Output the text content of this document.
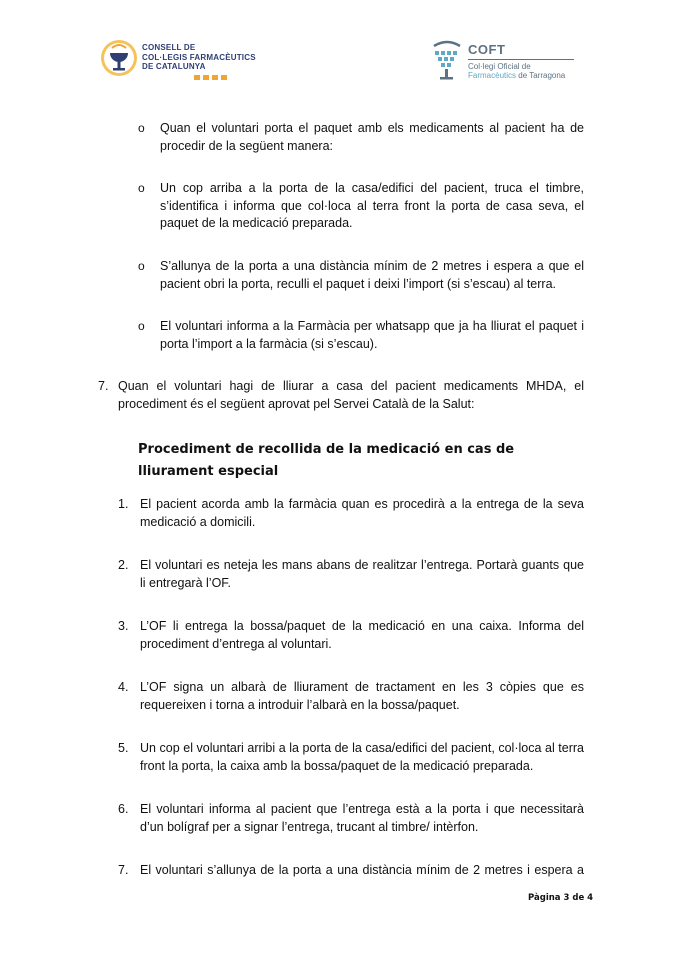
CONSELL DE
COL·LEGIS FARMACÈUTICS
DE CATALUNYA
COFT
Col·legi Oficial de
Farmacèutics de Tarragona
o Quan el voluntari porta el paquet amb els medicaments al pacient ha de procedir de la següent manera:
o Un cop arriba a la porta de la casa/edifici del pacient, truca el timbre, s’identifica i informa que col·loca al terra front la porta de casa seva, el paquet de la medicació preparada.
o S’allunya de la porta a una distància mínim de 2 metres i espera a que el pacient obri la porta, reculli el paquet i deixi l’import (si s’escau) al terra.
o El voluntari informa a la Farmàcia per whatsapp que ja ha lliurat el paquet i porta l’import a la farmàcia (si s’escau).
7. Quan el voluntari hagi de lliurar a casa del pacient medicaments MHDA, el procediment és el següent aprovat pel Servei Català de la Salut:
Procediment de recollida de la medicació en cas de lliurament especial
1. El pacient acorda amb la farmàcia quan es procedirà a la entrega de la seva medicació a domicili.
2. El voluntari es neteja les mans abans de realitzar l’entrega. Portarà guants que li entregarà l’OF.
3. L’OF li entrega la bossa/paquet de la medicació en una caixa. Informa del procediment d’entrega al voluntari.
4. L’OF signa un albarà de lliurament de tractament en les 3 còpies que es requereixen i torna a introduir l’albarà en la bossa/paquet.
5. Un cop el voluntari arribi a la porta de la casa/edifici del pacient, col·loca al terra front la porta, la caixa amb la bossa/paquet de la medicació preparada.
6. El voluntari informa al pacient que l’entrega està a la porta i que necessitarà d’un bolígraf per a signar l’entrega, trucant al timbre/ intèrfon.
7. El voluntari s’allunya de la porta a una distància mínim de 2 metres i espera a
Pàgina 3 de 4
